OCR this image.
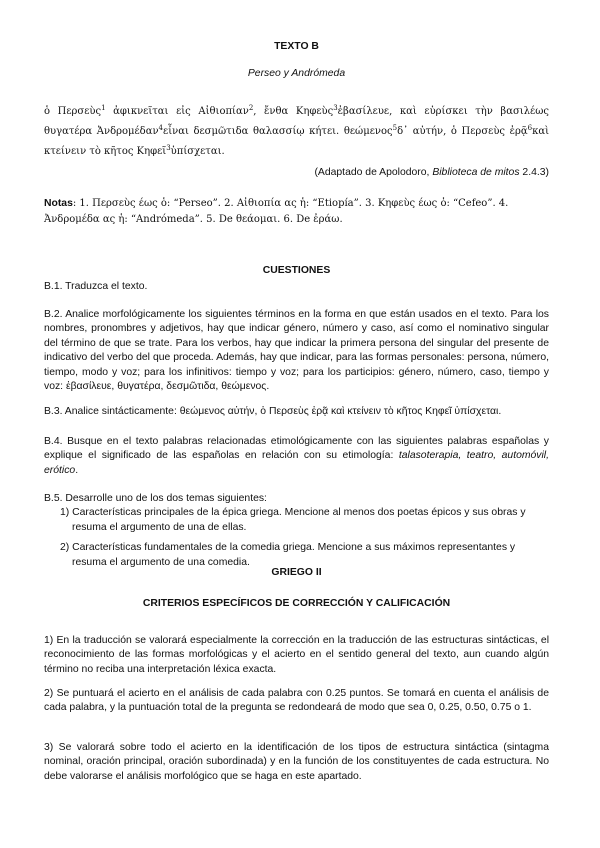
TEXTO B
Perseo y Andrómeda
ὁ Περσεὺς$^1$ ἀφικνεῖται εἰς Αἰθιοπίαν$^2$, ἔνθα Κηφεὺς$^3$ἐβασίλευε, καὶ εὑρίσκει τὴν βασιλέως θυγατέρα Ἀνδρομέδαν$^4$εἶναι δεσμῶτιδα θαλασσίῳ κήτει. θεώμενος$^5$δ᾽ αὐτήν, ὁ Περσεὺς ἐρᾷ$^6$καὶ κτείνειν τὸ κῆτος Κηφεῖ$^3$ὑπίσχεται.
(Adaptado de Apolodoro, Biblioteca de mitos 2.4.3)
Notas: 1. Περσεὺς έως ὁ: “Perseo”. 2. Αἰθιοπία ας ἡ: “Etiopía”. 3. Κηφεὺς έως ὁ: “Cefeo”. 4. Ἀνδρομέδα ας ἡ: “Andrómeda”. 5. De θεάομαι. 6. De ἐράω.
CUESTIONES
B.1. Traduzca el texto.
B.2. Analice morfológicamente los siguientes términos en la forma en que están usados en el texto. Para los nombres, pronombres y adjetivos, hay que indicar género, número y caso, así como el nominativo singular del término de que se trate. Para los verbos, hay que indicar la primera persona del singular del presente de indicativo del verbo del que proceda. Además, hay que indicar, para las formas personales: persona, número, tiempo, modo y voz; para los infinitivos: tiempo y voz; para los participios: género, número, caso, tiempo y voz: ἐβασίλευε, θυγατέρα, δεσμῶτιδα, θεώμενος.
B.3. Analice sintácticamente: θεώμενος αὐτήν, ὁ Περσεὺς ἐρᾷ καὶ κτείνειν τὸ κῆτος Κηφεῖ ὑπίσχεται.
B.4. Busque en el texto palabras relacionadas etimológicamente con las siguientes palabras españolas y explique el significado de las españolas en relación con su etimología: talasoterapia, teatro, automóvil, erótico.
B.5. Desarrolle uno de los dos temas siguientes:
1) Características principales de la épica griega. Mencione al menos dos poetas épicos y sus obras y resuma el argumento de una de ellas.
2) Características fundamentales de la comedia griega. Mencione a sus máximos representantes y resuma el argumento de una comedia.
GRIEGO II
CRITERIOS ESPECÍFICOS DE CORRECCIÓN Y CALIFICACIÓN
1) En la traducción se valorará especialmente la corrección en la traducción de las estructuras sintácticas, el reconocimiento de las formas morfológicas y el acierto en el sentido general del texto, aun cuando algún término no reciba una interpretación léxica exacta.
2) Se puntuará el acierto en el análisis de cada palabra con 0.25 puntos. Se tomará en cuenta el análisis de cada palabra, y la puntuación total de la pregunta se redondeará de modo que sea 0, 0.25, 0.50, 0.75 o 1.
3) Se valorará sobre todo el acierto en la identificación de los tipos de estructura sintáctica (sintagma nominal, oración principal, oración subordinada) y en la función de los constituyentes de cada estructura. No debe valorarse el análisis morfológico que se haga en este apartado.
